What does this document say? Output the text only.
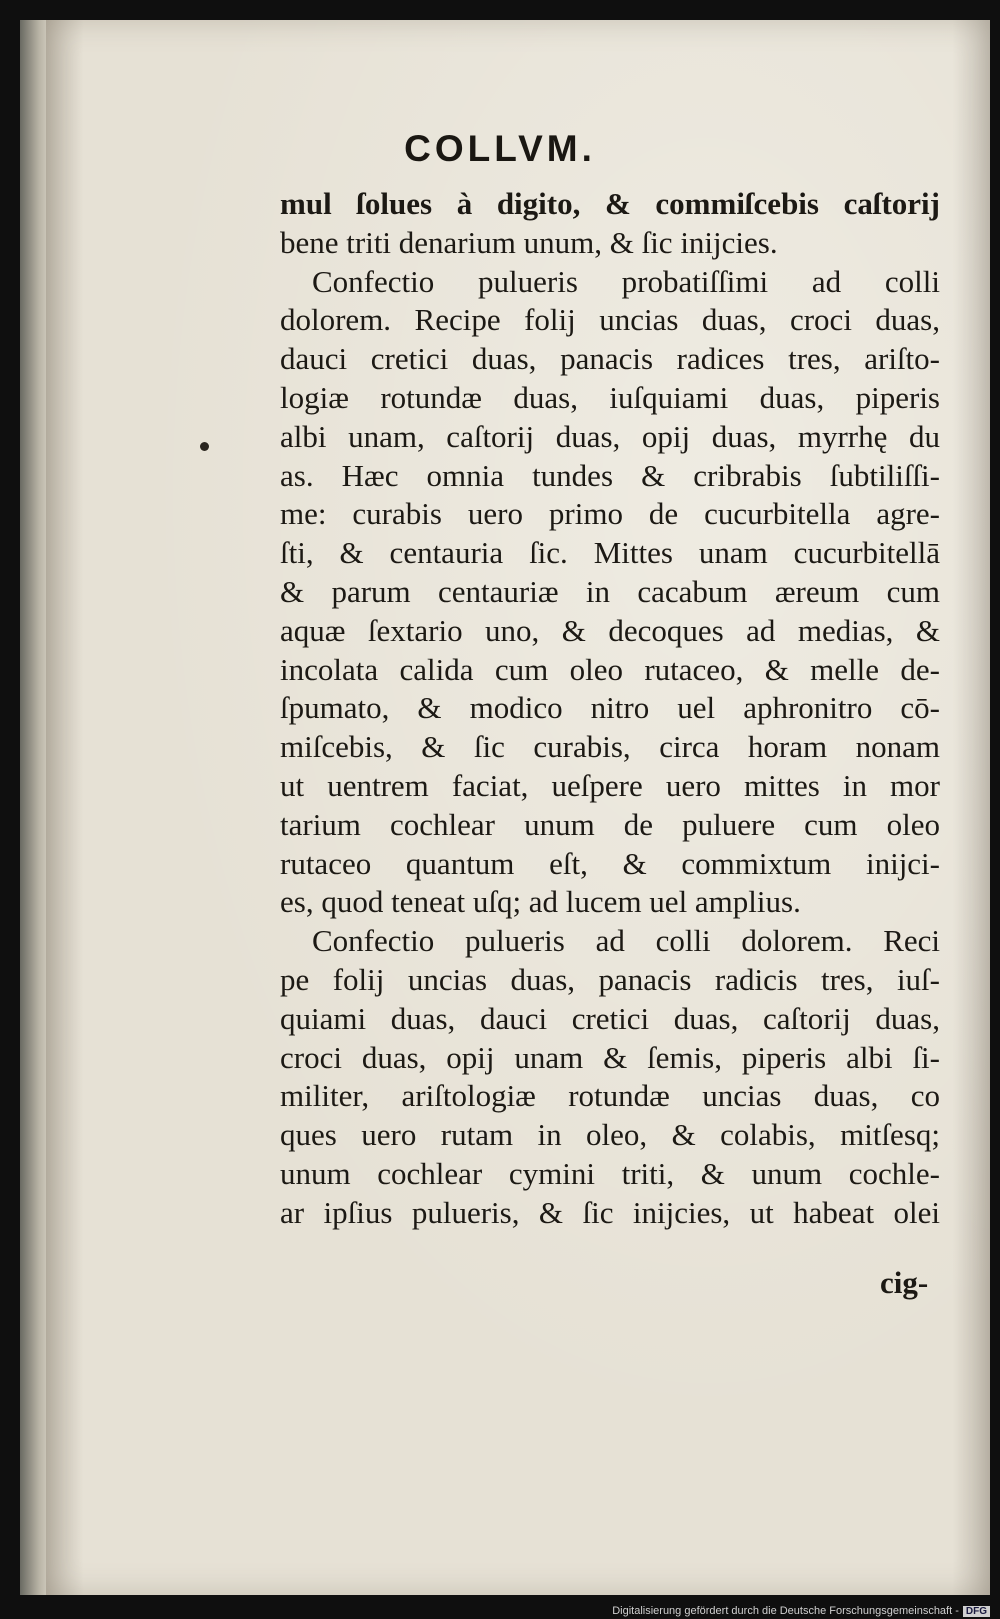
COLLVM.
mul ſolues à digito, & commiſcebis caſtorij
bene triti denarium unum, & ſic inijcies.
Confectio pulueris probatiſſimi ad colli
dolorem. Recipe folij uncias duas, croci duas,
dauci cretici duas, panacis radices tres, ariſto-
logiæ rotundæ duas, iuſquiami duas, piperis
albi unam, caſtorij duas, opij duas, myrrhę du
as. Hæc omnia tundes & cribrabis ſubtiliſſi-
me: curabis uero primo de cucurbitella agre-
ſti, & centauria ſic. Mittes unam cucurbitellā
& parum centauriæ in cacabum æreum cum
aquæ ſextario uno, & decoques ad medias, &
incolata calida cum oleo rutaceo, & melle de-
ſpumato, & modico nitro uel aphronitro cō-
miſcebis, & ſic curabis, circa horam nonam
ut uentrem faciat, ueſpere uero mittes in mor
tarium cochlear unum de puluere cum oleo
rutaceo quantum eſt, & commixtum inijci-
es, quod teneat uſq; ad lucem uel amplius.
Confectio pulueris ad colli dolorem. Reci
pe folij uncias duas, panacis radicis tres, iuſ-
quiami duas, dauci cretici duas, caſtorij duas,
croci duas, opij unam & ſemis, piperis albi ſi-
militer, ariſtologiæ rotundæ uncias duas, co
ques uero rutam in oleo, & colabis, mitſesq;
unum cochlear cymini triti, & unum cochle-
ar ipſius pulueris, & ſic inijcies, ut habeat olei
cig-
Digitalisierung gefördert durch die Deutsche Forschungsgemeinschaft - DFG
